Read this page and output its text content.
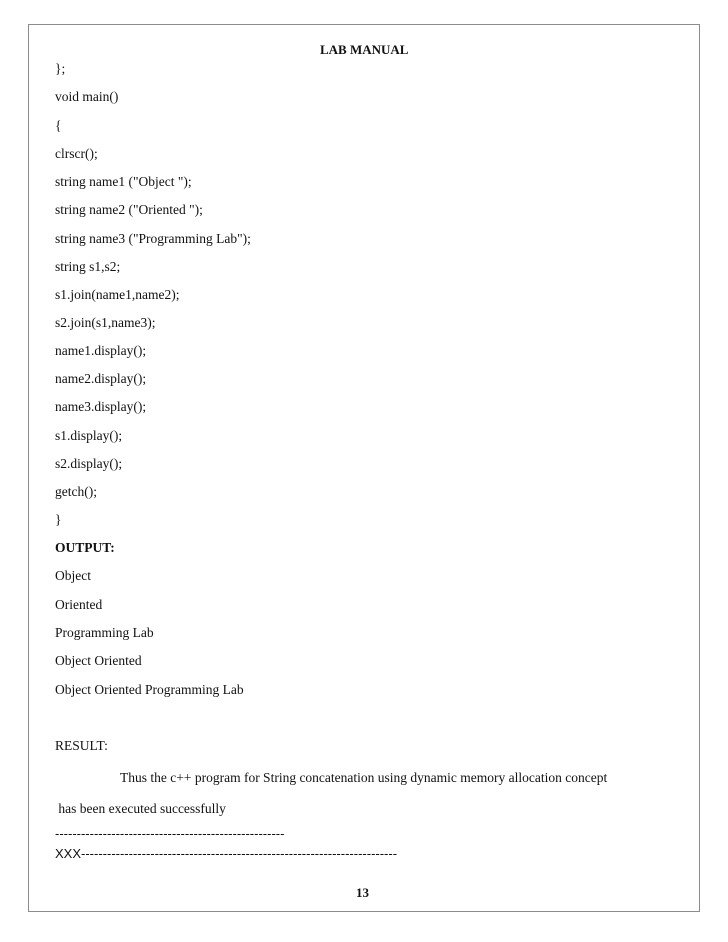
LAB MANUAL
};
void main()
{
clrscr();
string name1 ("Object ");
string name2 ("Oriented ");
string name3 ("Programming Lab");
string s1,s2;
s1.join(name1,name2);
s2.join(s1,name3);
name1.display();
name2.display();
name3.display();
s1.display();
s2.display();
getch();
}
OUTPUT:
Object
Oriented
Programming Lab
Object Oriented
Object Oriented Programming Lab
RESULT:
Thus the c++ program for String concatenation using dynamic memory allocation concept
has been executed successfully
-----------------------------------------------------
XXX-------------------------------------------------------------------------
13
